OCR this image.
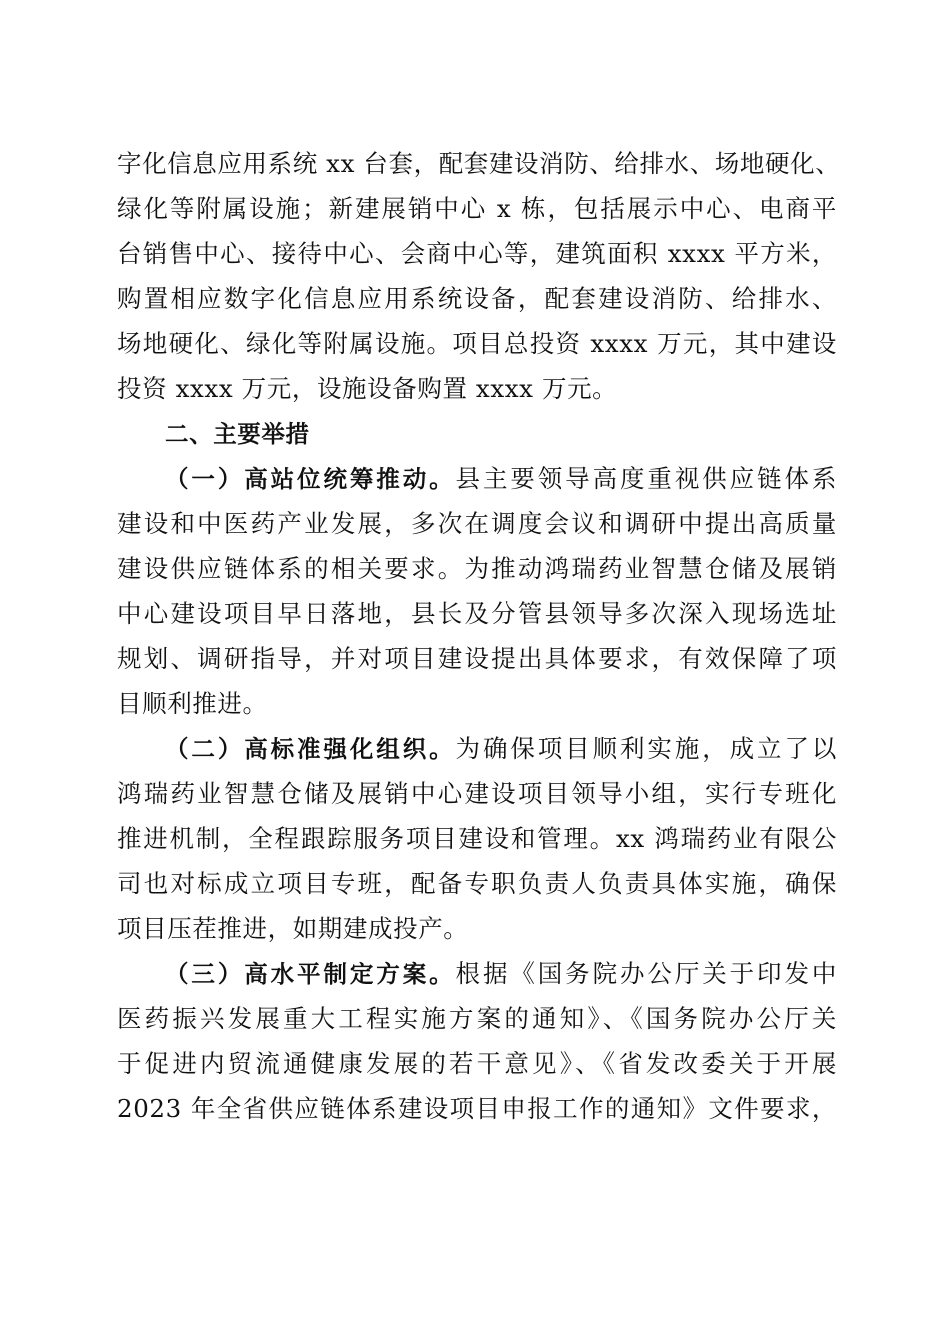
字化信息应用系统 xx 台套，配套建设消防、给排水、场地硬化、
绿化等附属设施；新建展销中心 x 栋，包括展示中心、电商平
台销售中心、接待中心、会商中心等，建筑面积 xxxx 平方米，
购置相应数字化信息应用系统设备，配套建设消防、给排水、
场地硬化、绿化等附属设施。项目总投资 xxxx 万元，其中建设
投资 xxxx 万元，设施设备购置 xxxx 万元。
二、主要举措
（一）高站位统筹推动。县主要领导高度重视供应链体系
建设和中医药产业发展，多次在调度会议和调研中提出高质量
建设供应链体系的相关要求。为推动鸿瑞药业智慧仓储及展销
中心建设项目早日落地，县长及分管县领导多次深入现场选址
规划、调研指导，并对项目建设提出具体要求，有效保障了项
目顺利推进。
（二）高标准强化组织。为确保项目顺利实施，成立了以
鸿瑞药业智慧仓储及展销中心建设项目领导小组，实行专班化
推进机制，全程跟踪服务项目建设和管理。xx 鸿瑞药业有限公
司也对标成立项目专班，配备专职负责人负责具体实施，确保
项目压茬推进，如期建成投产。
（三）高水平制定方案。根据《国务院办公厅关于印发中
医药振兴发展重大工程实施方案的通知》、《国务院办公厅关
于促进内贸流通健康发展的若干意见》、《省发改委关于开展
2023 年全省供应链体系建设项目申报工作的通知》文件要求，
